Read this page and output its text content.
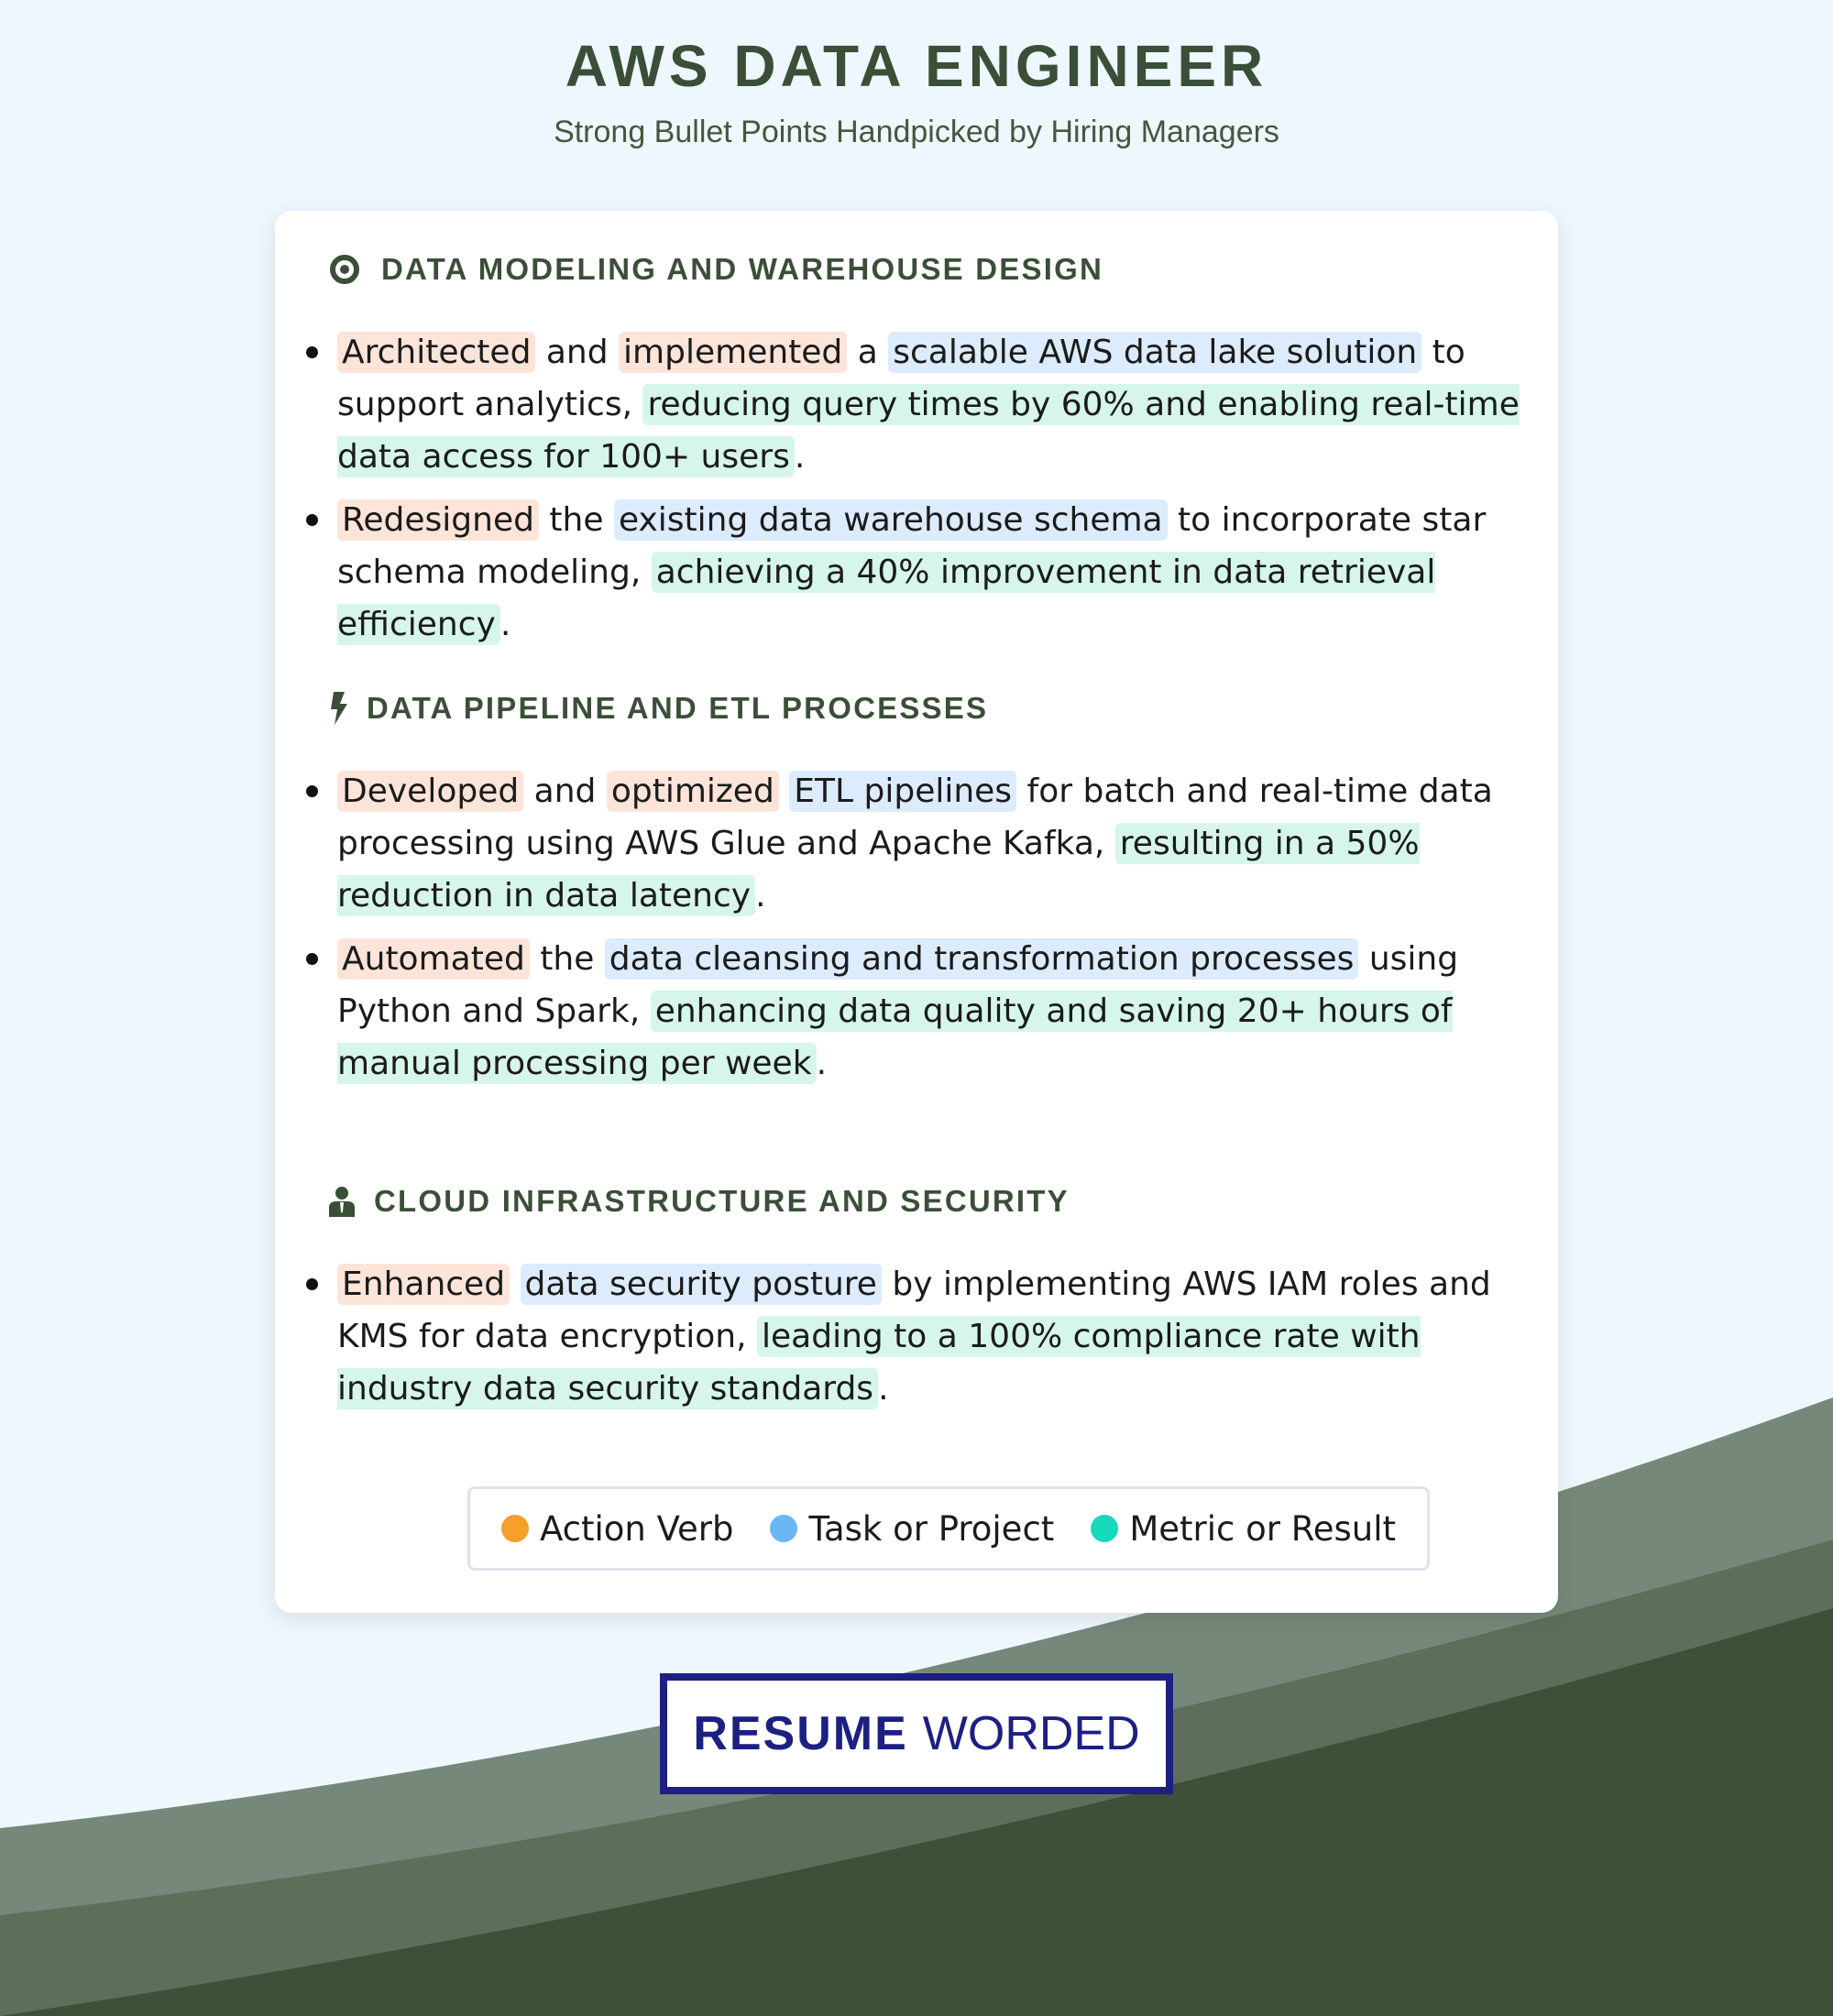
AWS DATA ENGINEER
Strong Bullet Points Handpicked by Hiring Managers
DATA MODELING AND WAREHOUSE DESIGN

Architected and implemented a scalable AWS data lake solution to support analytics, reducing query times by 60% and enabling real-time data access for 100+ users .

Redesigned the existing data warehouse schema to incorporate star schema modeling, achieving a 40% improvement in data retrieval efficiency .

DATA PIPELINE AND ETL PROCESSES

Developed and optimized ETL pipelines for batch and real-time data processing using AWS Glue and Apache Kafka, resulting in a 50% reduction in data latency .

Automated the data cleansing and transformation processes using Python and Spark, enhancing data quality and saving 20+ hours of manual processing per week .

CLOUD INFRASTRUCTURE AND SECURITY

Enhanced data security posture by implementing AWS IAM roles and KMS for data encryption, leading to a 100% compliance rate with industry data security standards .

Action Verb Task or Project Metric or Result
RESUME WORDED
